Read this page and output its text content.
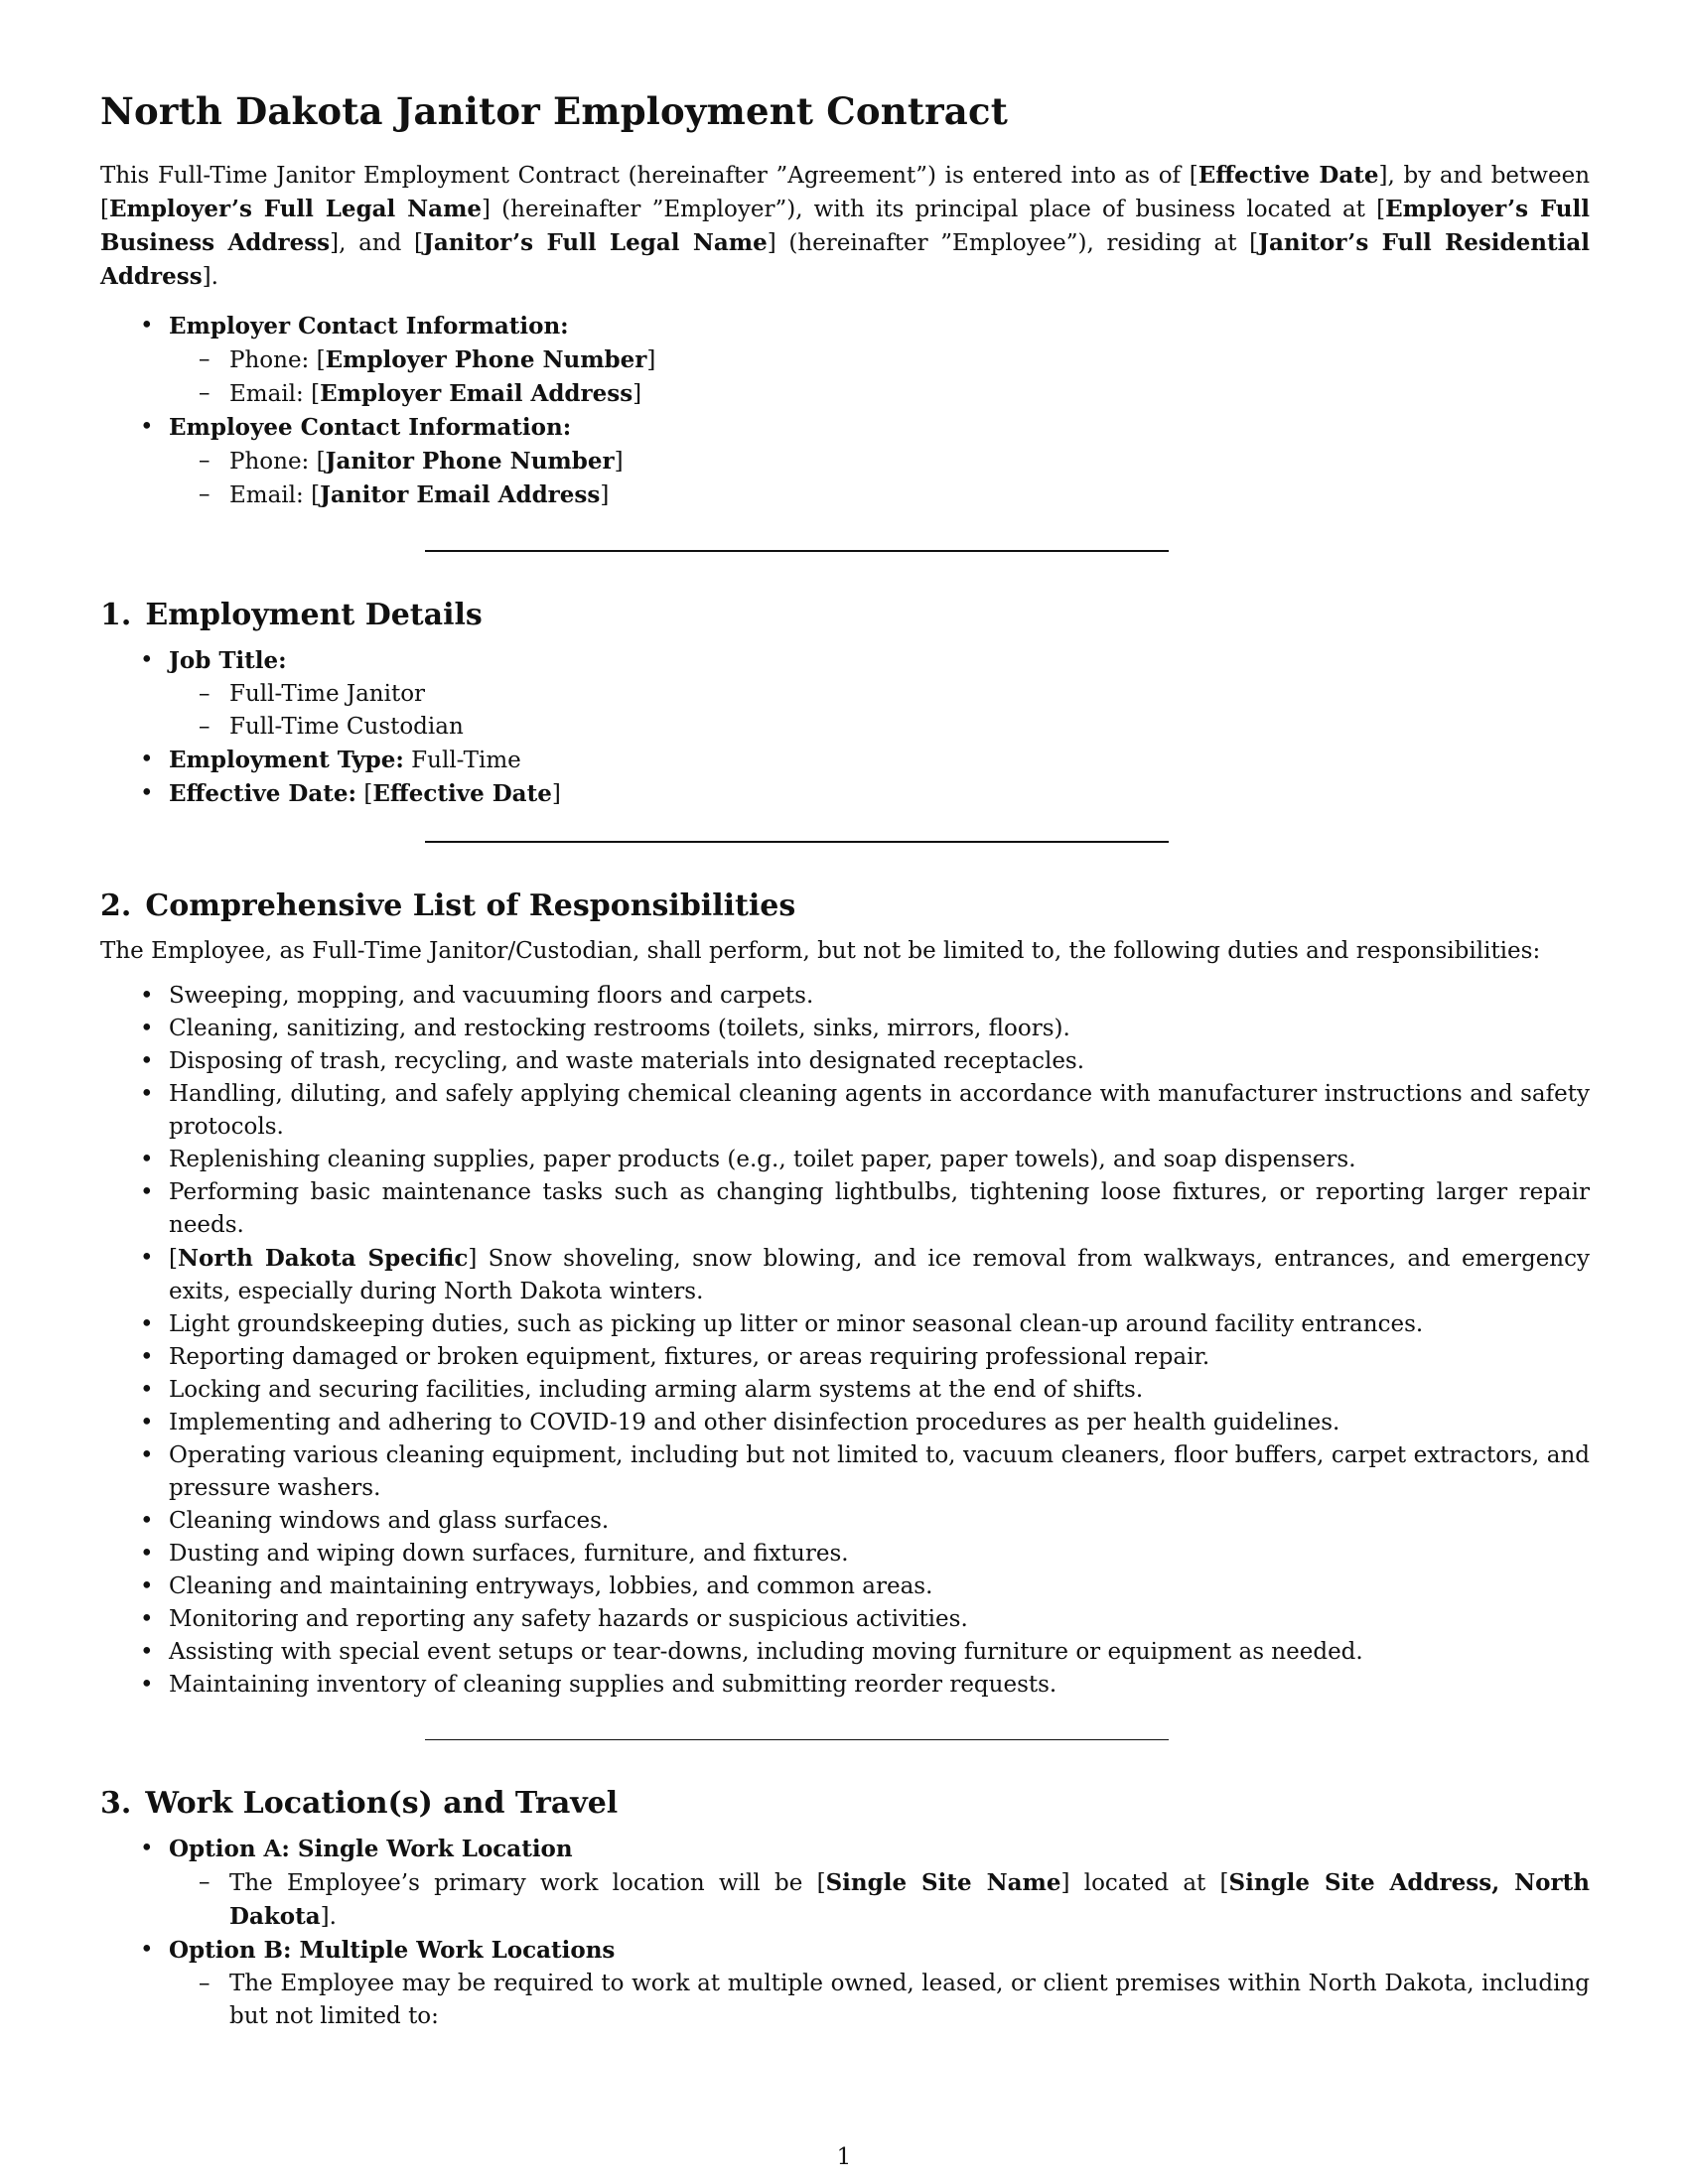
North Dakota Janitor Employment Contract

This Full-Time Janitor Employment Contract (hereinafter ”Agreement”) is entered into as of [Effective Date], by and between [Employer’s Full Legal Name] (hereinafter ”Employer”), with its principal place of business located at [Employer’s Full Business Address], and [Janitor’s Full Legal Name] (hereinafter ”Employee”), residing at [Janitor’s Full Residential Address].

• Employer Contact Information:
– Phone: [Employer Phone Number]
– Email: [Employer Email Address]
• Employee Contact Information:
– Phone: [Janitor Phone Number]
– Email: [Janitor Email Address]
1. Employment Details
• Job Title:
– Full-Time Janitor
– Full-Time Custodian
• Employment Type: Full-Time
• Effective Date: [Effective Date]
2. Comprehensive List of Responsibilities

The Employee, as Full-Time Janitor/Custodian, shall perform, but not be limited to, the following duties and responsibilities:

• Sweeping, mopping, and vacuuming floors and carpets.
• Cleaning, sanitizing, and restocking restrooms (toilets, sinks, mirrors, floors).
• Disposing of trash, recycling, and waste materials into designated receptacles.
• Handling, diluting, and safely applying chemical cleaning agents in accordance with manufacturer instructions and safety protocols.
• Replenishing cleaning supplies, paper products (e.g., toilet paper, paper towels), and soap dispensers.
• Performing basic maintenance tasks such as changing lightbulbs, tightening loose fixtures, or reporting larger repair needs.
• [North Dakota Specific] Snow shoveling, snow blowing, and ice removal from walkways, entrances, and emergency exits, especially during North Dakota winters.
• Light groundskeeping duties, such as picking up litter or minor seasonal clean-up around facility entrances.
• Reporting damaged or broken equipment, fixtures, or areas requiring professional repair.
• Locking and securing facilities, including arming alarm systems at the end of shifts.
• Implementing and adhering to COVID-19 and other disinfection procedures as per health guidelines.
• Operating various cleaning equipment, including but not limited to, vacuum cleaners, floor buffers, carpet extractors, and pressure washers.
• Cleaning windows and glass surfaces.
• Dusting and wiping down surfaces, furniture, and fixtures.
• Cleaning and maintaining entryways, lobbies, and common areas.
• Monitoring and reporting any safety hazards or suspicious activities.
• Assisting with special event setups or tear-downs, including moving furniture or equipment as needed.
• Maintaining inventory of cleaning supplies and submitting reorder requests.
3. Work Location(s) and Travel
• Option A: Single Work Location
– The Employee’s primary work location will be [Single Site Name] located at [Single Site Address, North Dakota].
• Option B: Multiple Work Locations
– The Employee may be required to work at multiple owned, leased, or client premises within North Dakota, including but not limited to:
1
